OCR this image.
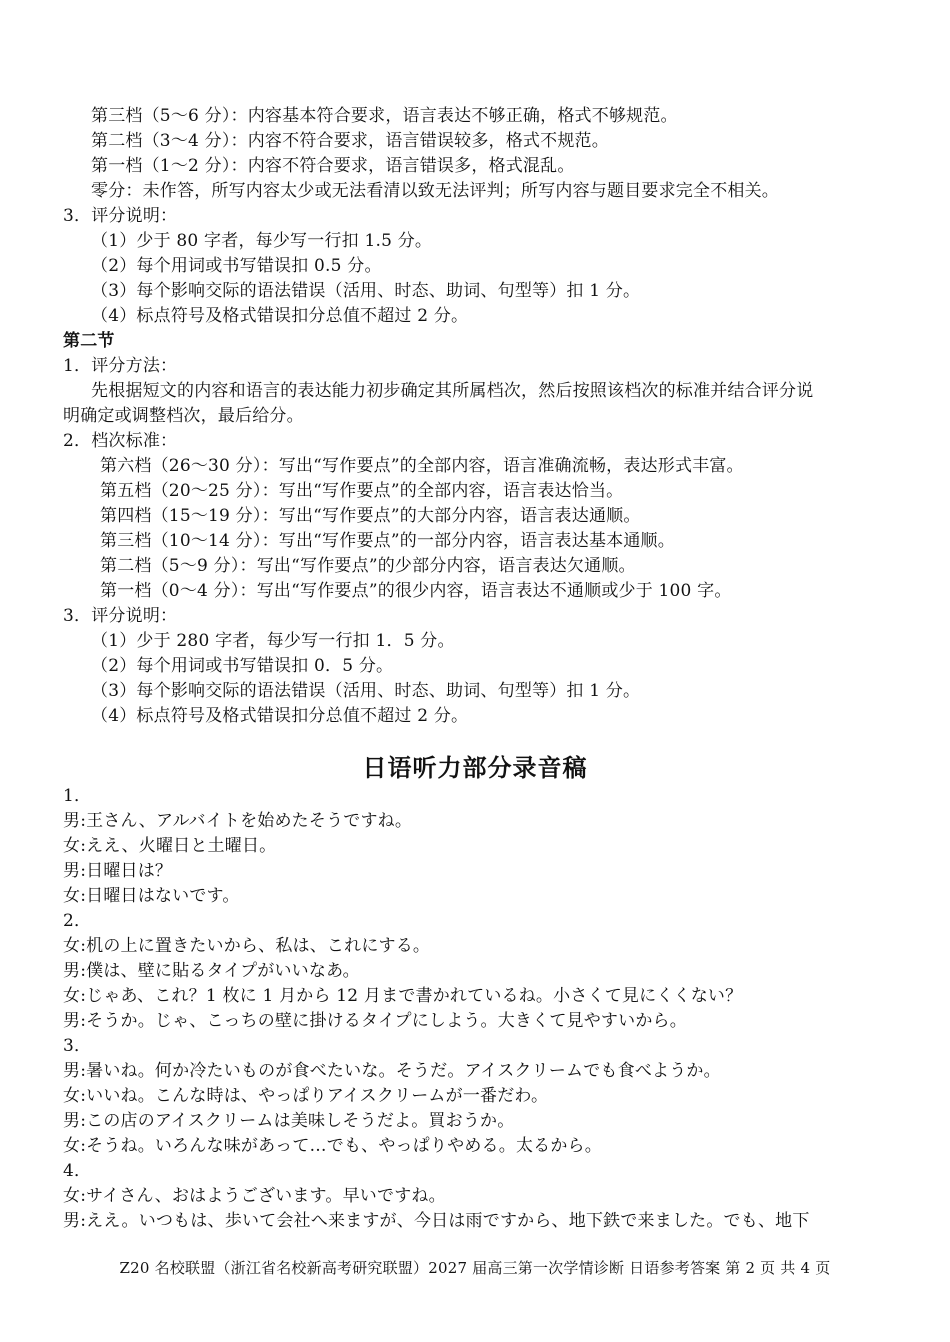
第三档（5～6 分）：内容基本符合要求，语言表达不够正确，格式不够规范。
第二档（3～4 分）：内容不符合要求，语言错误较多，格式不规范。
第一档（1～2 分）：内容不符合要求，语言错误多，格式混乱。
零分：未作答，所写内容太少或无法看清以致无法评判；所写内容与题目要求完全不相关。
3．评分说明：
（1）少于 80 字者，每少写一行扣 1.5 分。
（2）每个用词或书写错误扣 0.5 分。
（3）每个影响交际的语法错误（活用、时态、助词、句型等）扣 1 分。
（4）标点符号及格式错误扣分总值不超过 2 分。
第二节
1．评分方法：
先根据短文的内容和语言的表达能力初步确定其所属档次，然后按照该档次的标准并结合评分说
明确定或调整档次，最后给分。
2．档次标准：
第六档（26～30 分）：写出“写作要点”的全部内容，语言准确流畅，表达形式丰富。
第五档（20～25 分）：写出“写作要点”的全部内容，语言表达恰当。
第四档（15～19 分）：写出“写作要点”的大部分内容，语言表达通顺。
第三档（10～14 分）：写出“写作要点”的一部分内容，语言表达基本通顺。
第二档（5～9 分）：写出“写作要点”的少部分内容，语言表达欠通顺。
第一档（0～4 分）：写出“写作要点”的很少内容，语言表达不通顺或少于 100 字。
3．评分说明：
（1）少于 280 字者，每少写一行扣 1．5 分。
（2）每个用词或书写错误扣 0．5 分。
（3）每个影响交际的语法错误（活用、时态、助词、句型等）扣 1 分。
（4）标点符号及格式错误扣分总值不超过 2 分。
日语听力部分录音稿
1．
男:王さん、アルバイトを始めたそうですね。
女:ええ、火曜日と土曜日。
男:日曜日は？
女:日曜日はないです。
2．
女:机の上に置きたいから、私は、これにする。
男:僕は、壁に貼るタイプがいいなあ。
女:じゃあ、これ？1 枚に 1 月から 12 月まで書かれているね。小さくて見にくくない？
男:そうか。じゃ、こっちの壁に掛けるタイプにしよう。大きくて見やすいから。
3．
男:暑いね。何か冷たいものが食べたいな。そうだ。アイスクリームでも食べようか。
女:いいね。こんな時は、やっぱりアイスクリームが一番だわ。
男:この店のアイスクリームは美味しそうだよ。買おうか。
女:そうね。いろんな味があって…でも、やっぱりやめる。太るから。
4．
女:サイさん、おはようございます。早いですね。
男:ええ。いつもは、歩いて会社へ来ますが、今日は雨ですから、地下鉄で来ました。でも、地下
Z20 名校联盟（浙江省名校新高考研究联盟）2027 届高三第一次学情诊断 日语参考答案 第 2 页 共 4 页
